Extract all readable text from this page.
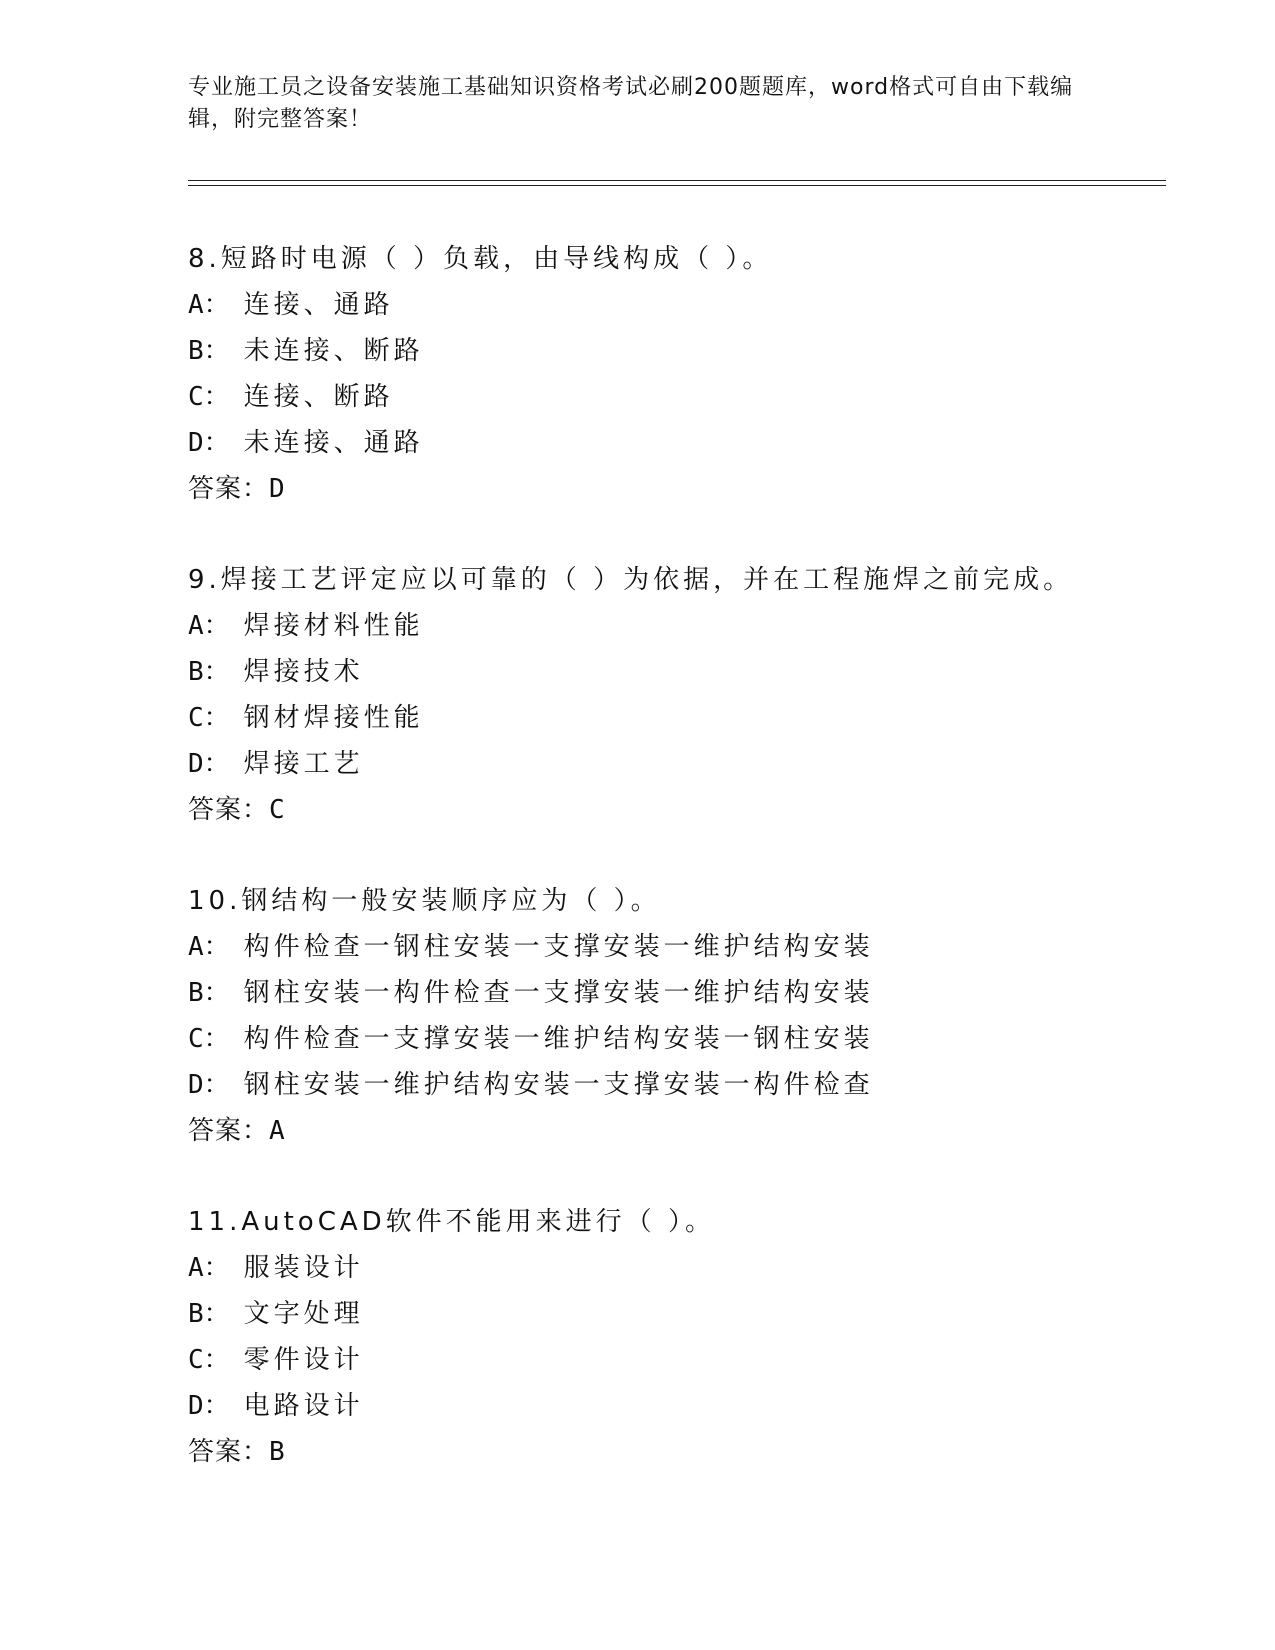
专业施工员之设备安装施工基础知识资格考试必刷200题题库，word格式可自由下载编辑，附完整答案！
8.短路时电源（ ）负载，由导线构成（ ）。
A： 连接、通路
B： 未连接、断路
C： 连接、断路
D： 未连接、通路
答案：D
9.焊接工艺评定应以可靠的（ ）为依据，并在工程施焊之前完成。
A： 焊接材料性能
B： 焊接技术
C： 钢材焊接性能
D： 焊接工艺
答案：C
10.钢结构一般安装顺序应为（ ）。
A： 构件检查一钢柱安装一支撑安装一维护结构安装
B： 钢柱安装一构件检查一支撑安装一维护结构安装
C： 构件检查一支撑安装一维护结构安装一钢柱安装
D： 钢柱安装一维护结构安装一支撑安装一构件检查
答案：A
11.AutoCAD软件不能用来进行（ ）。
A： 服装设计
B： 文字处理
C： 零件设计
D： 电路设计
答案：B
